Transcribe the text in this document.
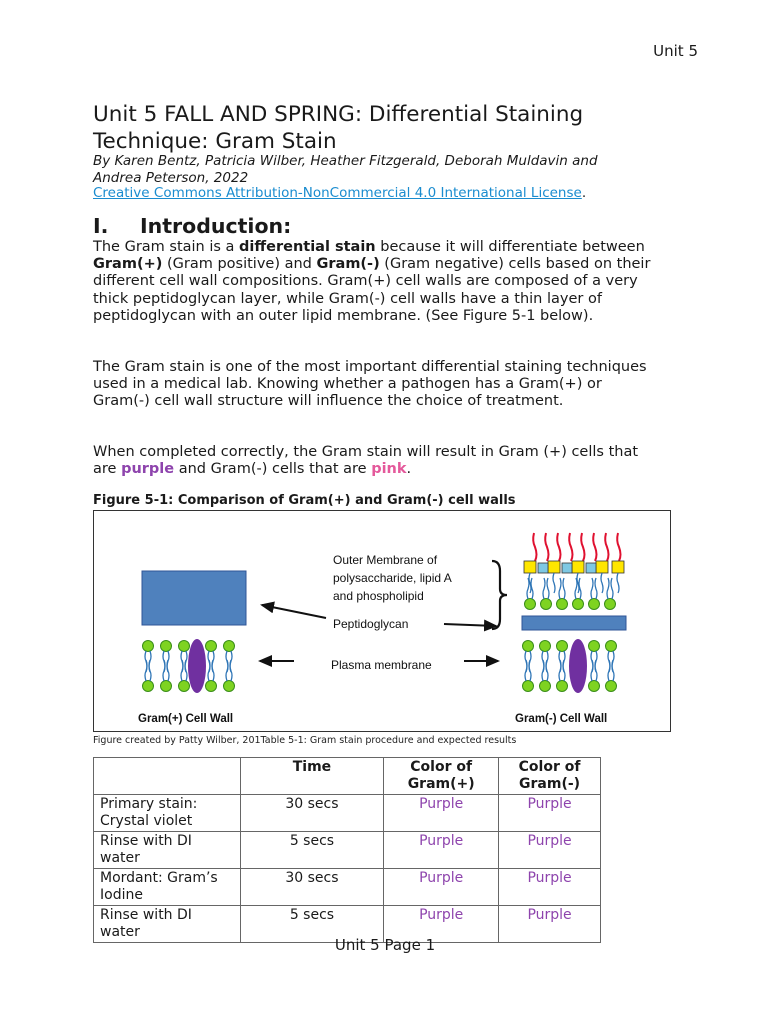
Unit 5
Unit 5 FALL AND SPRING: Differential Staining
Technique: Gram Stain
By Karen Bentz, Patricia Wilber, Heather Fitzgerald, Deborah Muldavin and
Andrea Peterson, 2022
Creative Commons Attribution-NonCommercial 4.0 International License.
I. Introduction:

The Gram stain is a differential stain because it will differentiate between Gram(+) (Gram positive) and Gram(-) (Gram negative) cells based on their different cell wall compositions. Gram(+) cell walls are composed of a very thick peptidoglycan layer, while Gram(-) cell walls have a thin layer of peptidoglycan with an outer lipid membrane. (See Figure 5-1 below).

The Gram stain is one of the most important differential staining techniques used in a medical lab. Knowing whether a pathogen has a Gram(+) or Gram(-) cell wall structure will influence the choice of treatment.

When completed correctly, the Gram stain will result in Gram (+) cells that are purple and Gram(-) cells that are pink.

Figure 5-1: Comparison of Gram(+) and Gram(-) cell walls
Outer Membrane of
polysaccharide, lipid A
and phospholipid
Peptidoglycan
Plasma membrane
Gram(+) Cell Wall	Gram(-) Cell Wall
Figure created by Patty Wilber, 201Table 5-1: Gram stain procedure and expected results
	Time	Color of Gram(+)	Color of Gram(-)
Primary stain: Crystal violet	30 secs	Purple	Purple
Rinse with DI water	5 secs	Purple	Purple
Mordant: Gram’s Iodine	30 secs	Purple	Purple
Rinse with DI water	5 secs	Purple	Purple
Unit 5 Page 1
